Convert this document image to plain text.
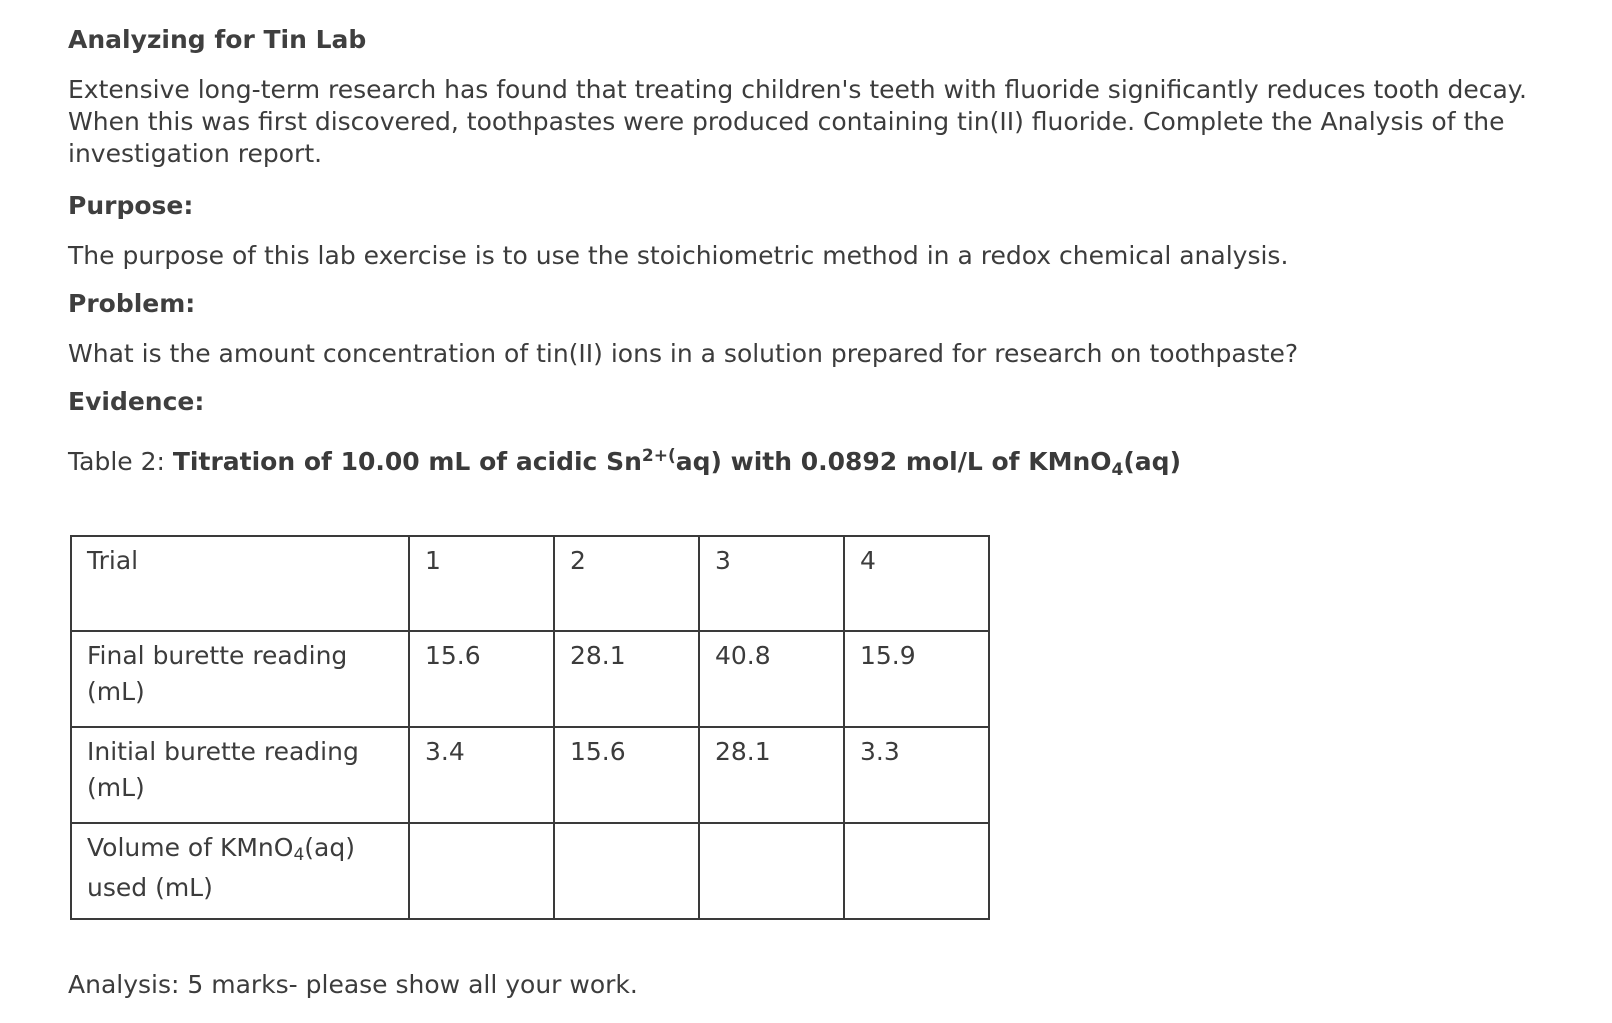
Analyzing for Tin Lab

Extensive long-term research has found that treating children's teeth with fluoride significantly reduces tooth decay. When this was first discovered, toothpastes were produced containing tin(II) fluoride. Complete the Analysis of the investigation report.

Purpose:

The purpose of this lab exercise is to use the stoichiometric method in a redox chemical analysis.

Problem:

What is the amount concentration of tin(II) ions in a solution prepared for research on toothpaste?

Evidence:
Table 2: Titration of 10.00 mL of acidic $Sn^{2+(}aq$) with 0.0892 mol/L of KMnO$_4$(aq)
Trial	1	2	3	4
Final burette reading (mL)	15.6	28.1	40.8	15.9
Initial burette reading (mL)	3.4	15.6	28.1	3.3
Volume of KMnO$_4$(aq) used (mL)				
Analysis: 5 marks- please show all your work.
